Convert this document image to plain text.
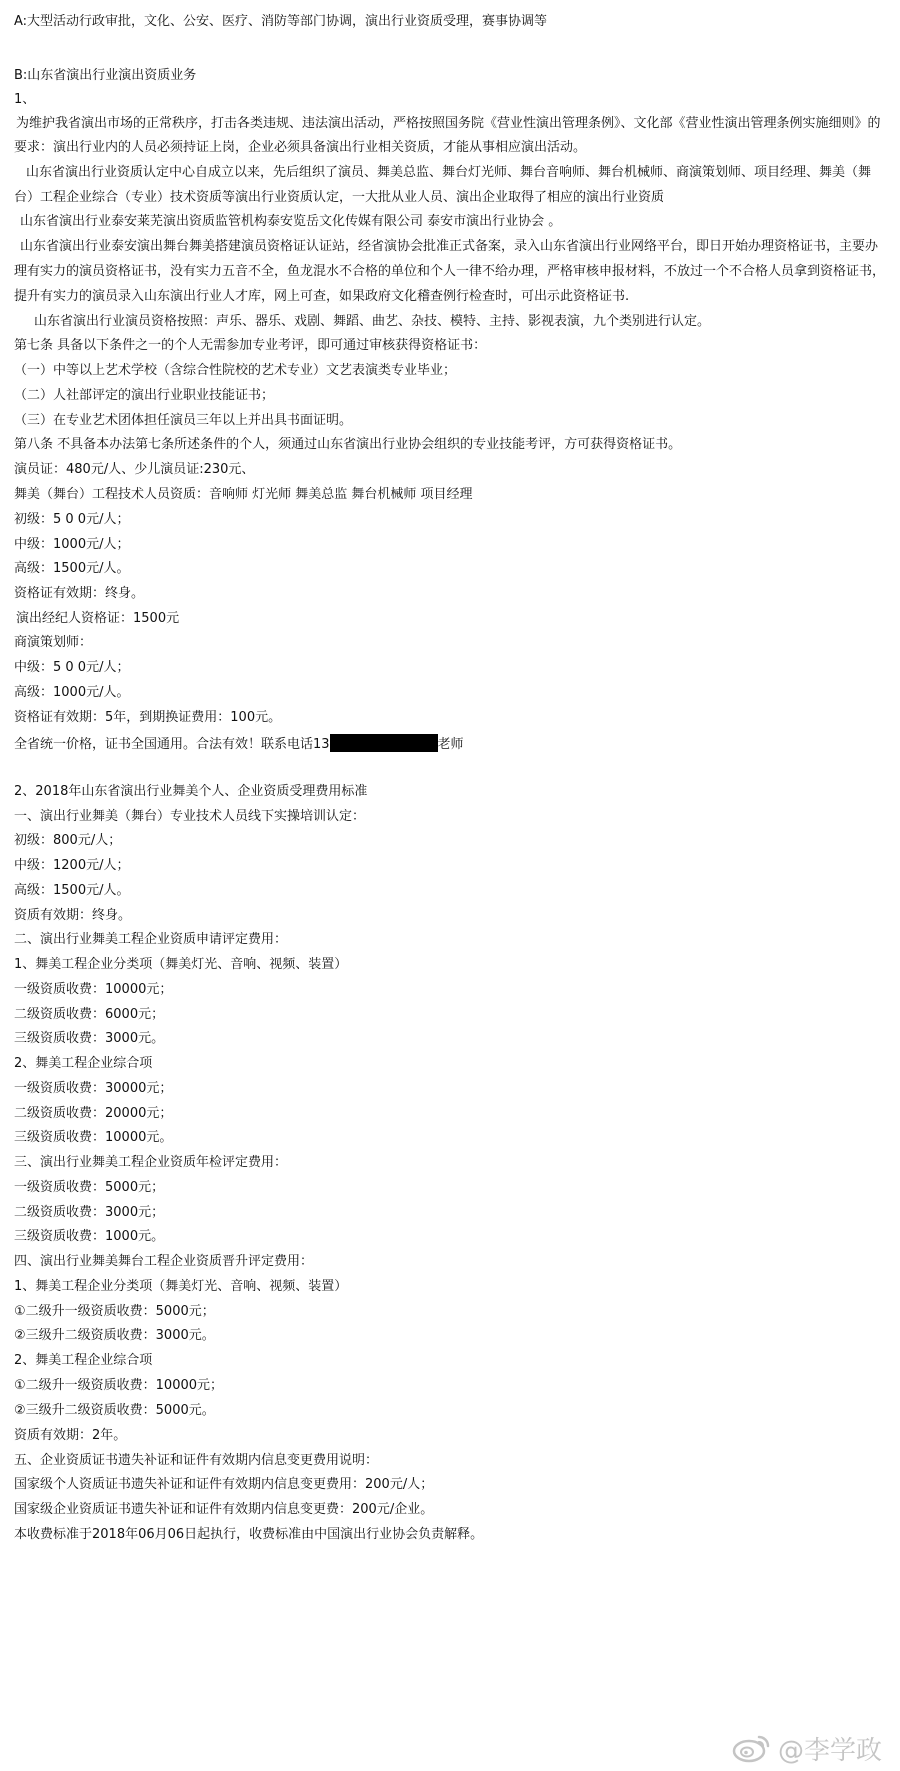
A:大型活动行政审批，文化、公安、医疗、消防等部门协调，演出行业资质受理，赛事协调等
B:山东省演出行业演出资质业务
1、
为维护我省演出市场的正常秩序，打击各类违规、违法演出活动，严格按照国务院《营业性演出管理条例》、文化部《营业性演出管理条例实施细则》的
要求：演出行业内的人员必须持证上岗，企业必须具备演出行业相关资质，才能从事相应演出活动。
山东省演出行业资质认定中心自成立以来，先后组织了演员、舞美总监、舞台灯光师、舞台音响师、舞台机械师、商演策划师、项目经理、舞美（舞
台）工程企业综合（专业）技术资质等演出行业资质认定，一大批从业人员、演出企业取得了相应的演出行业资质
山东省演出行业泰安莱芜演出资质监管机构泰安览岳文化传媒有限公司 泰安市演出行业协会 。
山东省演出行业泰安演出舞台舞美搭建演员资格证认证站，经省演协会批准正式备案，录入山东省演出行业网络平台，即日开始办理资格证书，主要办
理有实力的演员资格证书，没有实力五音不全，鱼龙混水不合格的单位和个人一律不给办理，严格审核申报材料，不放过一个不合格人员拿到资格证书，
提升有实力的演员录入山东演出行业人才库，网上可查，如果政府文化稽查例行检查时，可出示此资格证书.
山东省演出行业演员资格按照：声乐、器乐、戏剧、舞蹈、曲艺、杂技、模特、主持、影视表演，九个类别进行认定。
第七条 具备以下条件之一的个人无需参加专业考评，即可通过审核获得资格证书：
（一）中等以上艺术学校（含综合性院校的艺术专业）文艺表演类专业毕业；
（二）人社部评定的演出行业职业技能证书；
（三）在专业艺术团体担任演员三年以上并出具书面证明。
第八条 不具备本办法第七条所述条件的个人，须通过山东省演出行业协会组织的专业技能考评，方可获得资格证书。
演员证：480元/人、少儿演员证:230元、
舞美（舞台）工程技术人员资质：音响师 灯光师 舞美总监 舞台机械师 项目经理
初级：5 0 0元/人；
中级：1000元/人；
高级：1500元/人。
资格证有效期：终身。
演出经纪人资格证：1500元
商演策划师：
中级：5 0 0元/人；
高级：1000元/人。
资格证有效期：5年，到期换证费用：100元。
全省统一价格，证书全国通用。合法有效！联系电话13	老师
2、2018年山东省演出行业舞美个人、企业资质受理费用标准
一、演出行业舞美（舞台）专业技术人员线下实操培训认定：
初级：800元/人；
中级：1200元/人；
高级：1500元/人。
资质有效期：终身。
二、演出行业舞美工程企业资质申请评定费用：
1、舞美工程企业分类项（舞美灯光、音响、视频、装置）
一级资质收费：10000元；
二级资质收费：6000元；
三级资质收费：3000元。
2、舞美工程企业综合项
一级资质收费：30000元；
二级资质收费：20000元；
三级资质收费：10000元。
三、演出行业舞美工程企业资质年检评定费用：
一级资质收费：5000元；
二级资质收费：3000元；
三级资质收费：1000元。
四、演出行业舞美舞台工程企业资质晋升评定费用：
1、舞美工程企业分类项（舞美灯光、音响、视频、装置）
①二级升一级资质收费：5000元；
②三级升二级资质收费：3000元。
2、舞美工程企业综合项
①二级升一级资质收费：10000元；
②三级升二级资质收费：5000元。
资质有效期：2年。
五、企业资质证书遗失补证和证件有效期内信息变更费用说明：
国家级个人资质证书遗失补证和证件有效期内信息变更费用：200元/人；
国家级企业资质证书遗失补证和证件有效期内信息变更费：200元/企业。
本收费标准于2018年06月06日起执行，收费标准由中国演出行业协会负责解释。
@李学政
